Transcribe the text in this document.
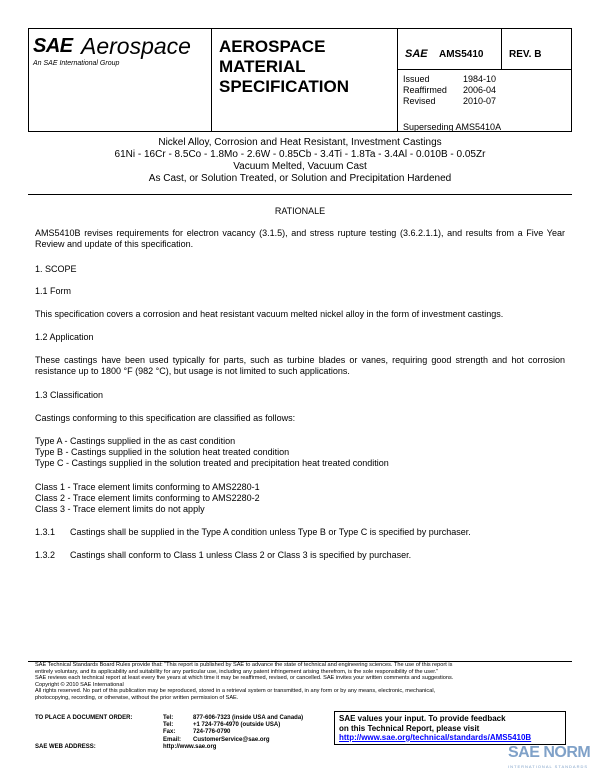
SAE Aerospace
An SAE International Group
AEROSPACE
MATERIAL
SPECIFICATION
SAE AMS5410	REV. B
Issued	1984-10
Reaffirmed 2006-04
Revised	2010-07
Superseding AMS5410A
Nickel Alloy, Corrosion and Heat Resistant, Investment Castings
61Ni - 16Cr - 8.5Co - 1.8Mo - 2.6W - 0.85Cb - 3.4Ti - 1.8Ta - 3.4Al - 0.010B - 0.05Zr
Vacuum Melted, Vacuum Cast
As Cast, or Solution Treated, or Solution and Precipitation Hardened
RATIONALE
AMS5410B revises requirements for electron vacancy (3.1.5), and stress rupture testing (3.6.2.1.1), and results from a Five Year Review and update of this specification.
1. SCOPE
1.1 Form
This specification covers a corrosion and heat resistant vacuum melted nickel alloy in the form of investment castings.
1.2 Application
These castings have been used typically for parts, such as turbine blades or vanes, requiring good strength and hot corrosion resistance up to 1800 °F (982 °C), but usage is not limited to such applications.
1.3 Classification
Castings conforming to this specification are classified as follows:
Type A - Castings supplied in the as cast condition
Type B - Castings supplied in the solution heat treated condition
Type C - Castings supplied in the solution treated and precipitation heat treated condition
Class 1 - Trace element limits conforming to AMS2280-1
Class 2 - Trace element limits conforming to AMS2280-2
Class 3 - Trace element limits do not apply
1.3.1      Castings shall be supplied in the Type A condition unless Type B or Type C is specified by purchaser.
1.3.2      Castings shall conform to Class 1 unless Class 2 or Class 3 is specified by purchaser.
SAE Technical Standards Board Rules provide that: “This report is published by SAE to advance the state of technical and engineering sciences. The use of this report is
entirely voluntary, and its applicability and suitability for any particular use, including any patent infringement arising therefrom, is the sole responsibility of the user.”
SAE reviews each technical report at least every five years at which time it may be reaffirmed, revised, or cancelled. SAE invites your written comments and suggestions.
Copyright © 2010 SAE International
All rights reserved. No part of this publication may be reproduced, stored in a retrieval system or transmitted, in any form or by any means, electronic, mechanical,
photocopying, recording, or otherwise, without the prior written permission of SAE.
TO PLACE A DOCUMENT ORDER:	Tel:	877-606-7323 (inside USA and Canada)
	Tel:	+1 724-776-4970 (outside USA)
	Fax:	724-776-0790
	Email:	CustomerService@sae.org
SAE WEB ADDRESS:	http://www.sae.org	
SAE values your input. To provide feedback
on this Technical Report, please visit
http://www.sae.org/technical/standards/AMS5410B
SAE NORM
INTERNATIONAL STANDARDS
